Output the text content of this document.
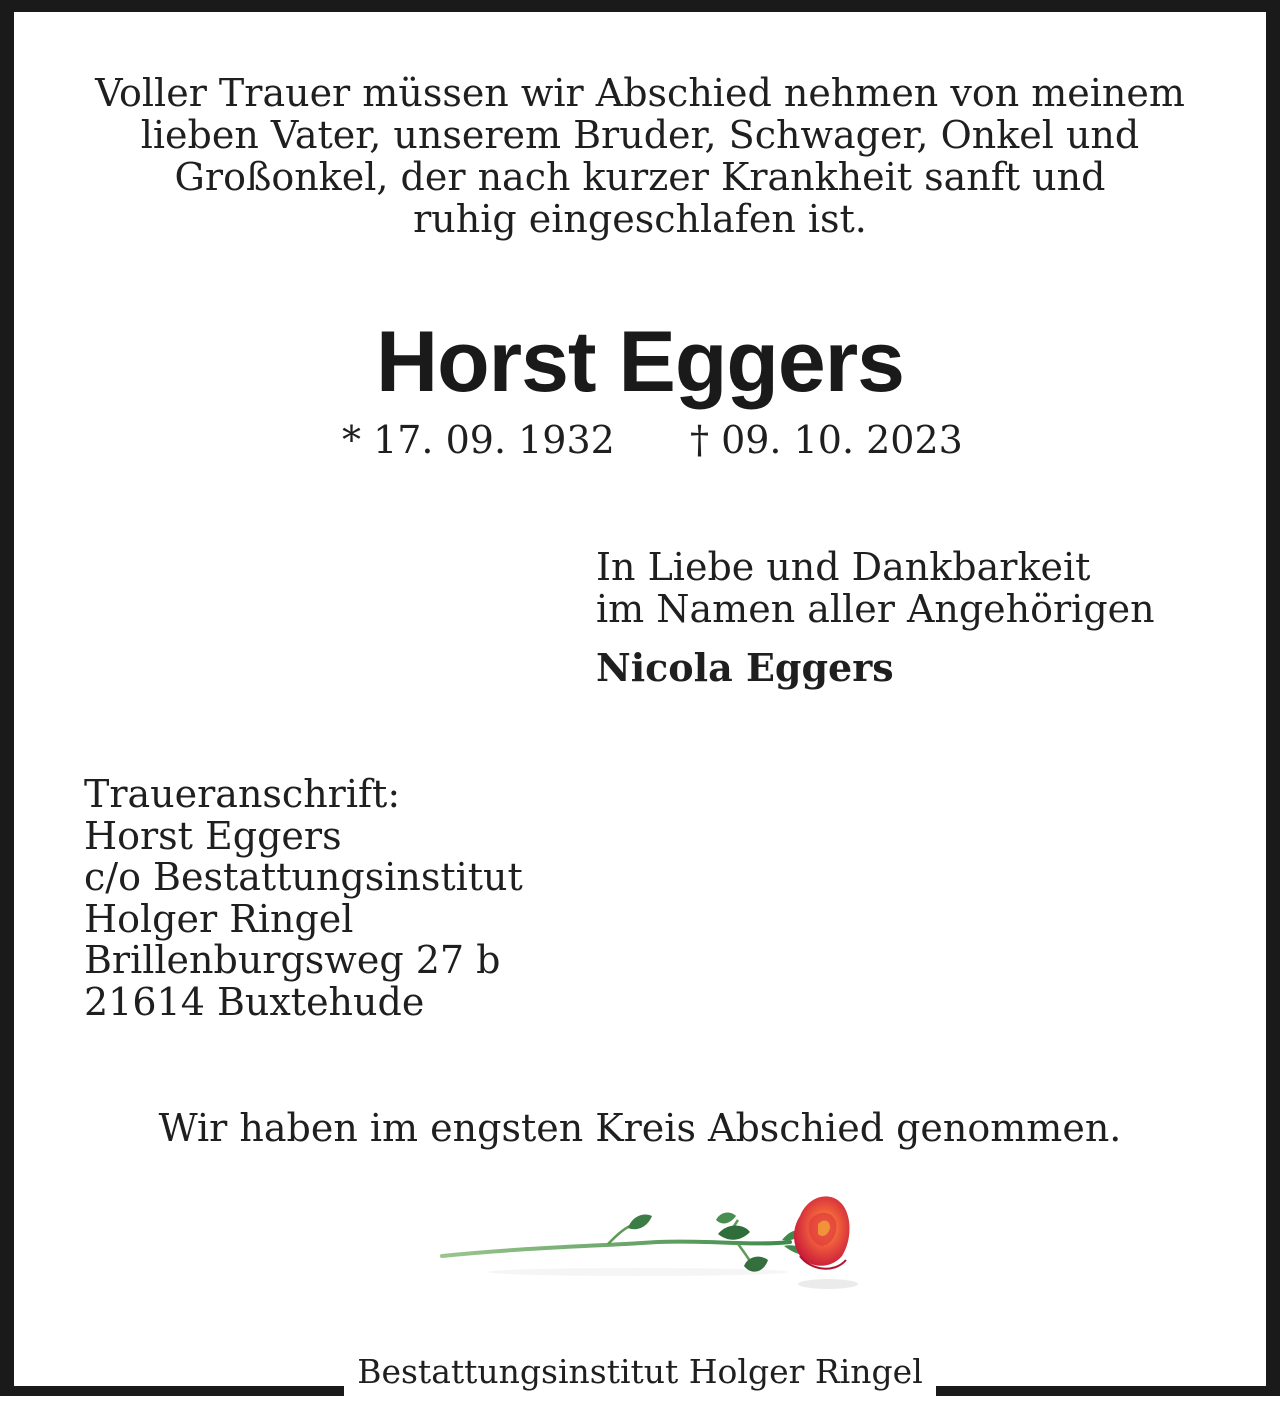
Voller Trauer müssen wir Abschied nehmen von meinem
lieben Vater, unserem Bruder, Schwager, Onkel und
Großonkel, der nach kurzer Krankheit sanft und
ruhig eingeschlafen ist.

Horst Eggers
* 17. 09. 1932 † 09. 10. 2023
In Liebe und Dankbarkeit
im Namen aller Angehörigen
Nicola Eggers
Traueranschrift:
Horst Eggers
c/o Bestattungsinstitut
Holger Ringel
Brillenburgsweg 27 b
21614 Buxtehude
Wir haben im engsten Kreis Abschied genommen.
Bestattungsinstitut Holger Ringel
